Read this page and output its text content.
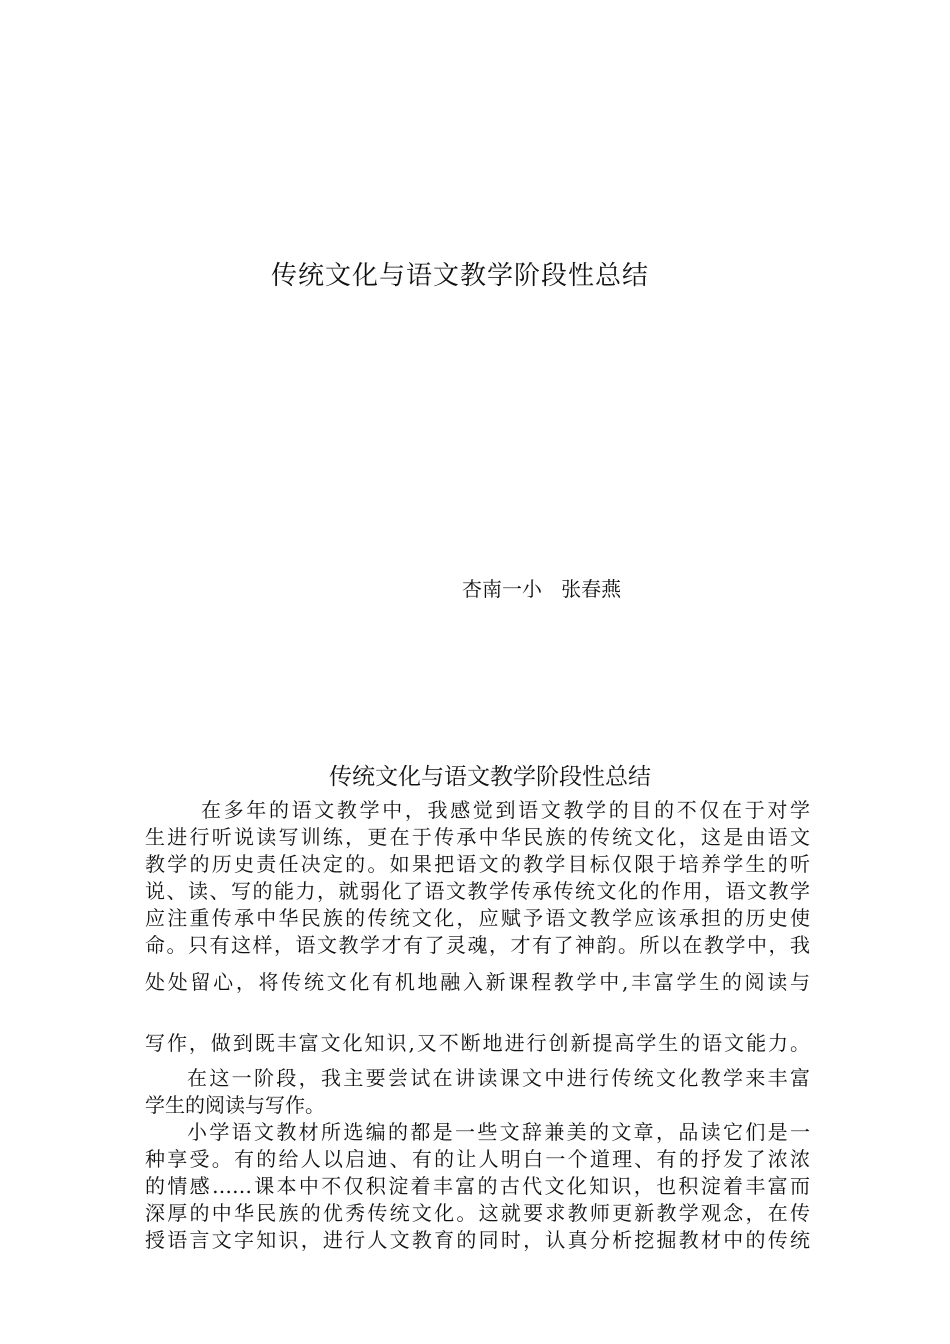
传统文化与语文教学阶段性总结
杏南一小   张春燕
传统文化与语文教学阶段性总结
在多年的语文教学中，我感觉到语文教学的目的不仅在于对学
生进行听说读写训练，更在于传承中华民族的传统文化，这是由语文
教学的历史责任决定的。如果把语文的教学目标仅限于培养学生的听
说、读、写的能力，就弱化了语文教学传承传统文化的作用，语文教学
应注重传承中华民族的传统文化，应赋予语文教学应该承担的历史使
命。只有这样，语文教学才有了灵魂，才有了神韵。所以在教学中，我
处处留心，将传统文化有机地融入新课程教学中,丰富学生的阅读与
写作，做到既丰富文化知识,又不断地进行创新提高学生的语文能力。
在这一阶段，我主要尝试在讲读课文中进行传统文化教学来丰富
学生的阅读与写作。
小学语文教材所选编的都是一些文辞兼美的文章，品读它们是一
种享受。有的给人以启迪、有的让人明白一个道理、有的抒发了浓浓
的情感……课本中不仅积淀着丰富的古代文化知识，也积淀着丰富而
深厚的中华民族的优秀传统文化。这就要求教师更新教学观念，在传
授语言文字知识，进行人文教育的同时，认真分析挖掘教材中的传统
